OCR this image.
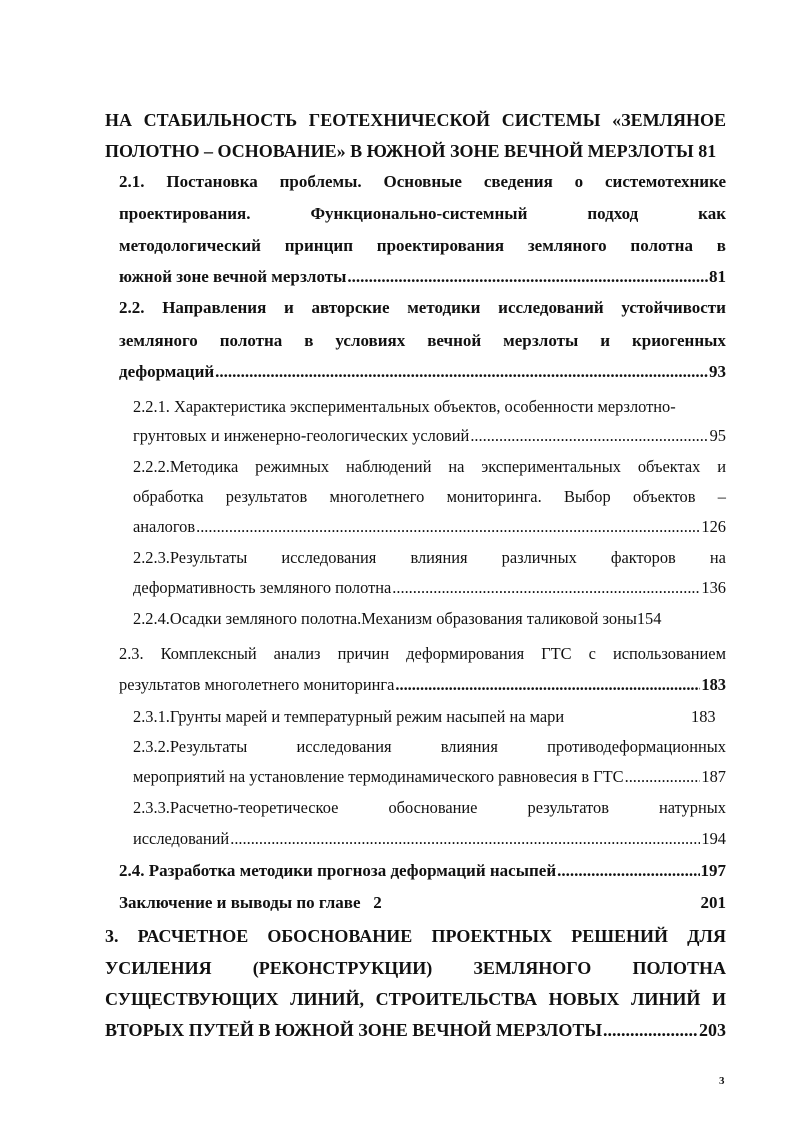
НА СТАБИЛЬНОСТЬ ГЕОТЕХНИЧЕСКОЙ СИСТЕМЫ «ЗЕМЛЯНОЕ
ПОЛОТНО – ОСНОВАНИЕ» В ЮЖНОЙ ЗОНЕ ВЕЧНОЙ МЕРЗЛОТЫ 81
2.1. Постановка проблемы. Основные сведения о системотехнике
проектирования.	Функционально-системный	подход	как
методологический принцип проектирования земляного полотна в
южной зоне вечной мерзлоты .....	81
2.2. Направления и авторские методики исследований устойчивости
земляного полотна в условиях вечной мерзлоты и криогенных
деформаций .....	93
2.2.1. Характеристика экспериментальных объектов, особенности мерзлотно-
грунтовых и инженерно-геологических условий .....	95
2.2.2.Методика режимных наблюдений на экспериментальных объектах и
обработка результатов многолетнего мониторинга. Выбор объектов –
аналогов .....	126
2.2.3.Результаты исследования влияния различных факторов на
деформативность земляного полотна .....	136
2.2.4.Осадки земляного полотна.Механизм образования таликовой зоны154
2.3. Комплексный анализ причин деформирования ГТС с использованием
результатов многолетнего мониторинга .....	183
2.3.1.Грунты марей и температурный режим насыпей на мари	183
2.3.2.Результаты	исследования	влияния	противодеформационных
мероприятий на установление термодинамического равновесия в ГТС .....	187
2.3.3.Расчетно-теоретическое	обоснование	результатов	натурных
исследований .....	194
2.4. Разработка методики прогноза деформаций насыпей .....	197
Заключение и выводы по главе   2	201
3. РАСЧЕТНОЕ ОБОСНОВАНИЕ ПРОЕКТНЫХ РЕШЕНИЙ ДЛЯ
УСИЛЕНИЯ (РЕКОНСТРУКЦИИ) ЗЕМЛЯНОГО ПОЛОТНА
СУЩЕСТВУЮЩИХ ЛИНИЙ, СТРОИТЕЛЬСТВА НОВЫХ ЛИНИЙ И
ВТОРЫХ ПУТЕЙ В ЮЖНОЙ ЗОНЕ ВЕЧНОЙ МЕРЗЛОТЫ .....	203
3
